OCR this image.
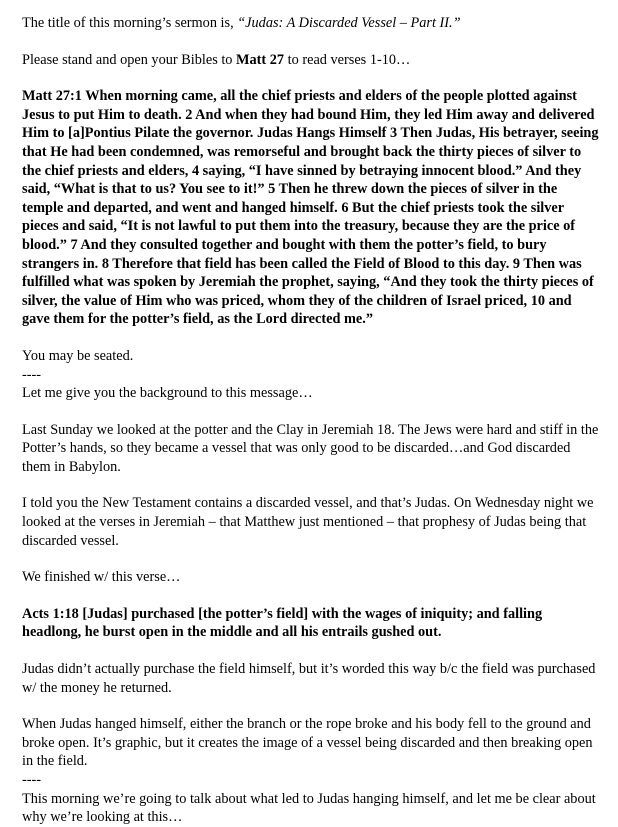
The title of this morning’s sermon is, “Judas: A Discarded Vessel – Part II.”
Please stand and open your Bibles to Matt 27 to read verses 1-10…
Matt 27:1 When morning came, all the chief priests and elders of the people plotted against Jesus to put Him to death. 2 And when they had bound Him, they led Him away and delivered Him to [a]Pontius Pilate the governor. Judas Hangs Himself 3 Then Judas, His betrayer, seeing that He had been condemned, was remorseful and brought back the thirty pieces of silver to the chief priests and elders, 4 saying, “I have sinned by betraying innocent blood.” And they said, “What is that to us? You see to it!” 5 Then he threw down the pieces of silver in the temple and departed, and went and hanged himself. 6 But the chief priests took the silver pieces and said, “It is not lawful to put them into the treasury, because they are the price of blood.” 7 And they consulted together and bought with them the potter’s field, to bury strangers in. 8 Therefore that field has been called the Field of Blood to this day. 9 Then was fulfilled what was spoken by Jeremiah the prophet, saying, “And they took the thirty pieces of silver, the value of Him who was priced, whom they of the children of Israel priced, 10 and gave them for the potter’s field, as the Lord directed me.”
You may be seated.
----
Let me give you the background to this message…
Last Sunday we looked at the potter and the Clay in Jeremiah 18. The Jews were hard and stiff in the Potter’s hands, so they became a vessel that was only good to be discarded…and God discarded them in Babylon.
I told you the New Testament contains a discarded vessel, and that’s Judas. On Wednesday night we looked at the verses in Jeremiah – that Matthew just mentioned – that prophesy of Judas being that discarded vessel.
We finished w/ this verse…
Acts 1:18 [Judas] purchased [the potter’s field] with the wages of iniquity; and falling headlong, he burst open in the middle and all his entrails gushed out.
Judas didn’t actually purchase the field himself, but it’s worded this way b/c the field was purchased w/ the money he returned.
When Judas hanged himself, either the branch or the rope broke and his body fell to the ground and broke open. It’s graphic, but it creates the image of a vessel being discarded and then breaking open in the field.
----
This morning we’re going to talk about what led to Judas hanging himself, and let me be clear about why we’re looking at this…
